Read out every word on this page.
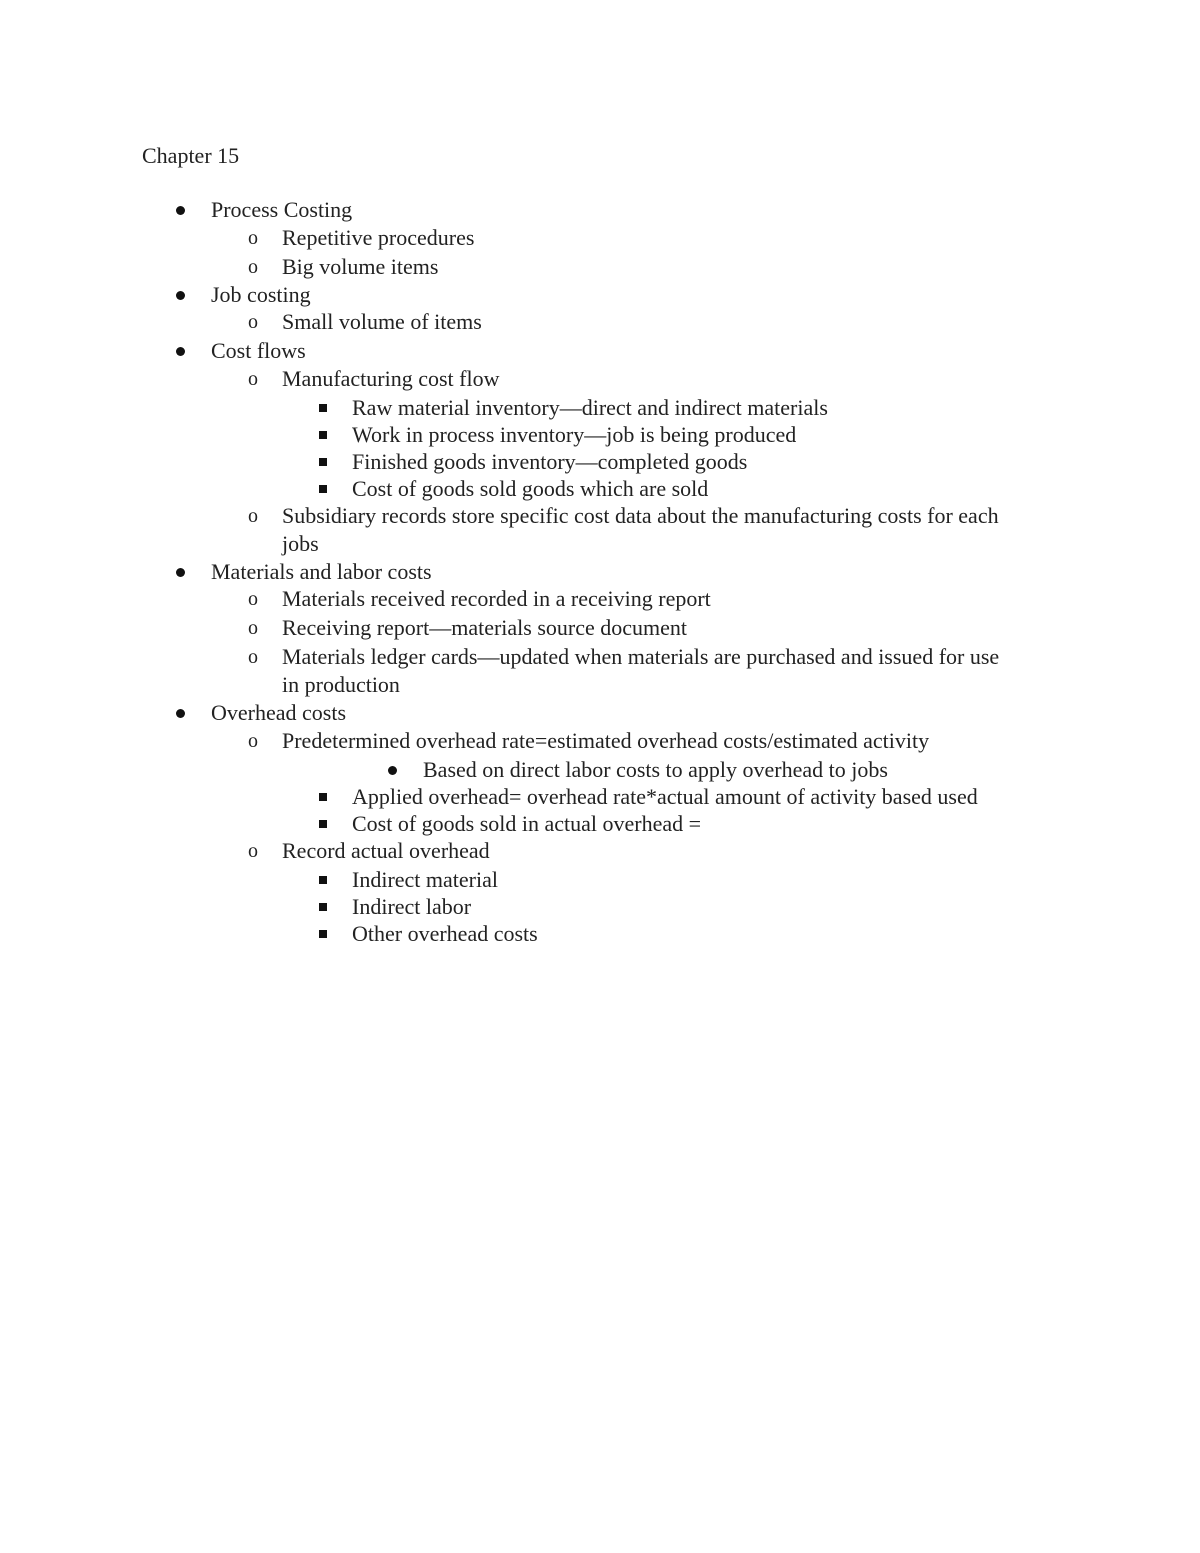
Chapter 15
Process Costing
o Repetitive procedures
o Big volume items
Job costing
o Small volume of items
Cost flows
o Manufacturing cost flow
Raw material inventory—direct and indirect materials
Work in process inventory—job is being produced
Finished goods inventory—completed goods
Cost of goods sold goods which are sold
o Subsidiary records store specific cost data about the manufacturing costs for each
jobs
Materials and labor costs
o Materials received recorded in a receiving report
o Receiving report—materials source document
o Materials ledger cards—updated when materials are purchased and issued for use
in production
Overhead costs
o Predetermined overhead rate=estimated overhead costs/estimated activity
Based on direct labor costs to apply overhead to jobs
Applied overhead= overhead rate*actual amount of activity based used
Cost of goods sold in actual overhead =
o Record actual overhead
Indirect material
Indirect labor
Other overhead costs
